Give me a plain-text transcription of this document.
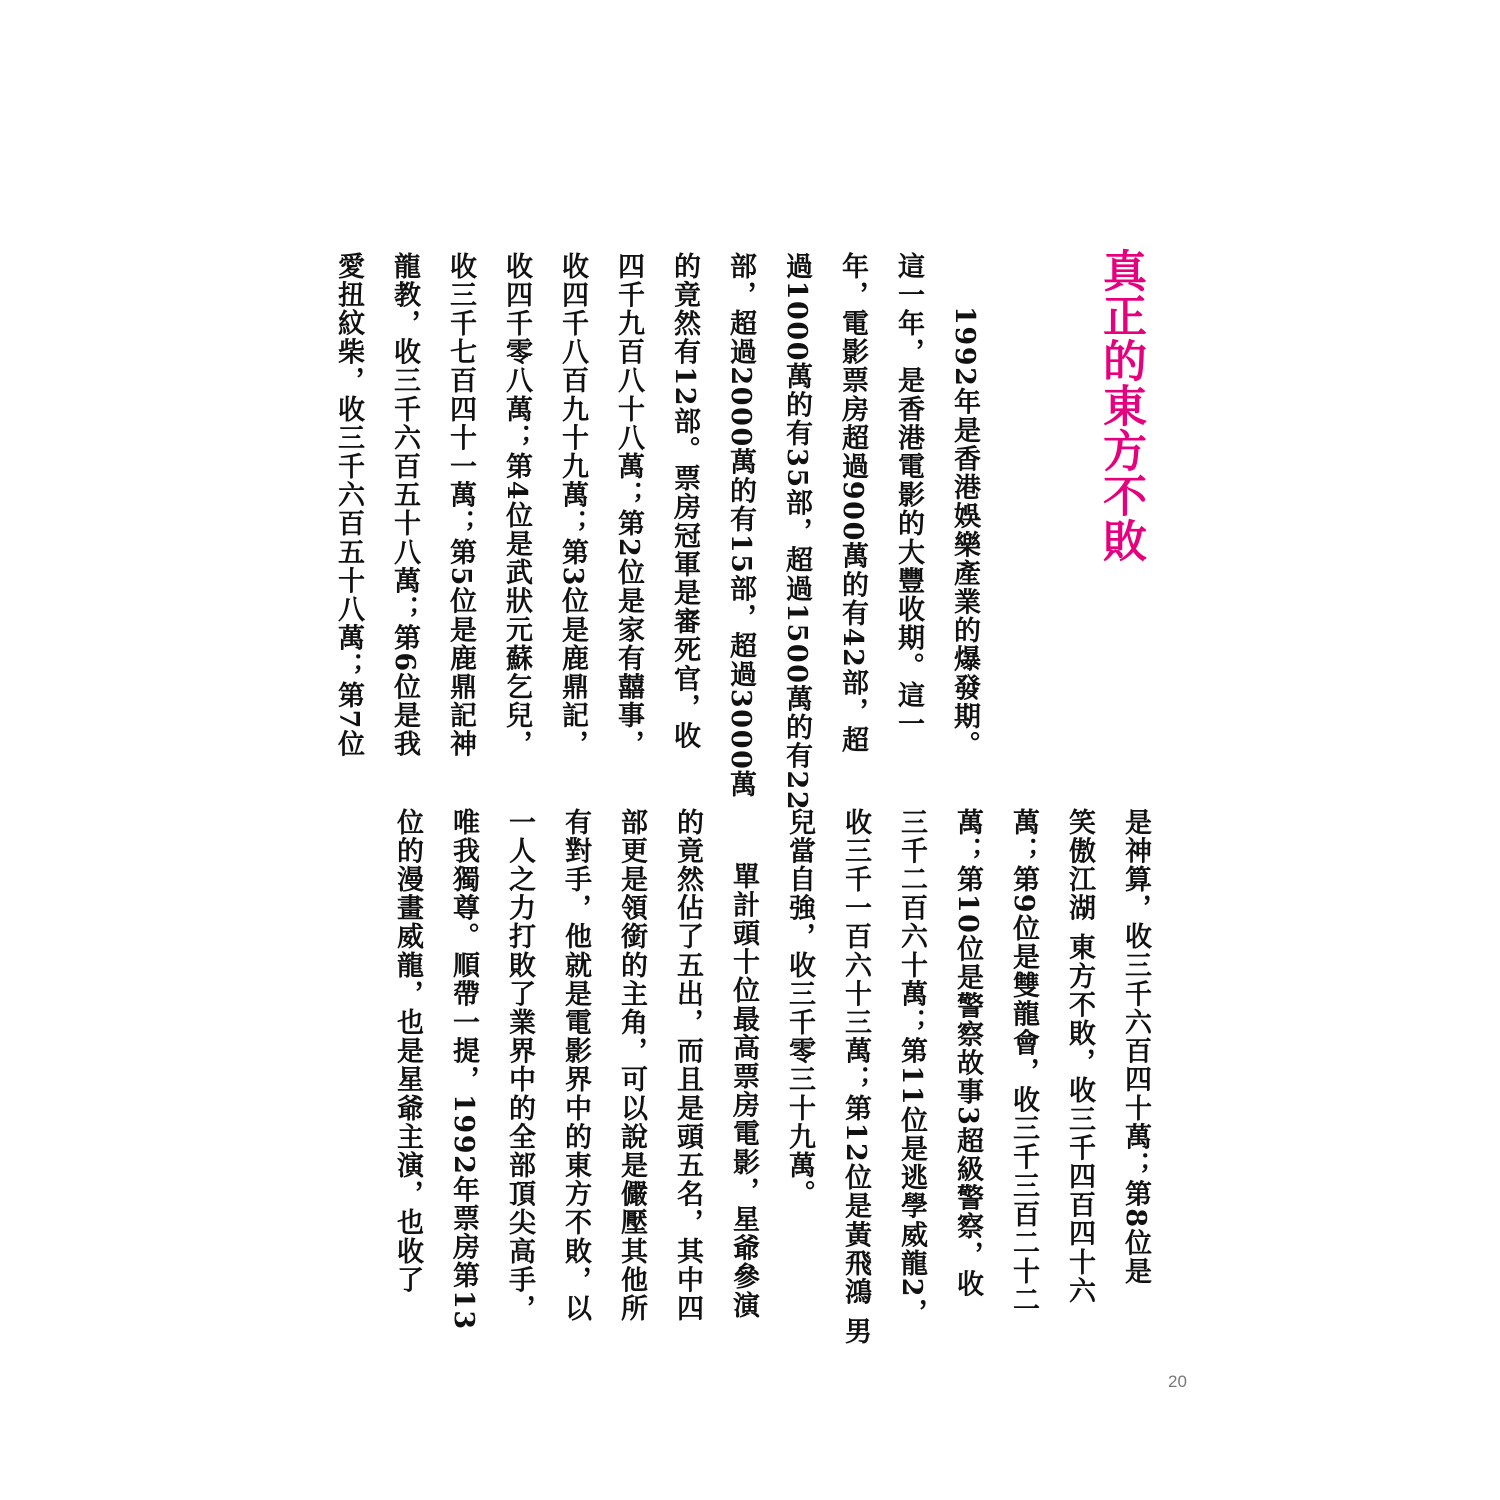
真正的東方不敗
1992年是香港娛樂產業的爆發期。
這一年，是香港電影的大豐收期。這一
年，電影票房超過900萬的有42部，超
過1000萬的有35部，超過1500萬的有22
部，超過2000萬的有15部，超過3000萬
的竟然有12部。票房冠軍是審死官，收
四千九百八十八萬；第2位是家有囍事，
收四千八百九十九萬；第3位是鹿鼎記，
收四千零八萬；第4位是武狀元蘇乞兒，
收三千七百四十一萬；第5位是鹿鼎記神
龍教，收三千六百五十八萬；第6位是我
愛扭紋柴，收三千六百五十八萬；第7位
是神算，收三千六百四十萬；第8位是
笑傲江湖 東方不敗，收三千四百四十六
萬；第9位是雙龍會，收三千三百二十二
萬；第10位是警察故事3超級警察，收
三千二百六十萬；第11位是逃學威龍2，
收三千一百六十三萬；第12位是黃飛鴻 男
兒當自強，收三千零三十九萬。
單計頭十位最高票房電影，星爺參演
的竟然佔了五出，而且是頭五名，其中四
部更是領銜的主角，可以說是儼壓其他所
有對手，他就是電影界中的東方不敗，以
一人之力打敗了業界中的全部頂尖高手，
唯我獨尊。順帶一提，1992年票房第13
位的漫畫威龍，也是星爺主演，也收了
20
